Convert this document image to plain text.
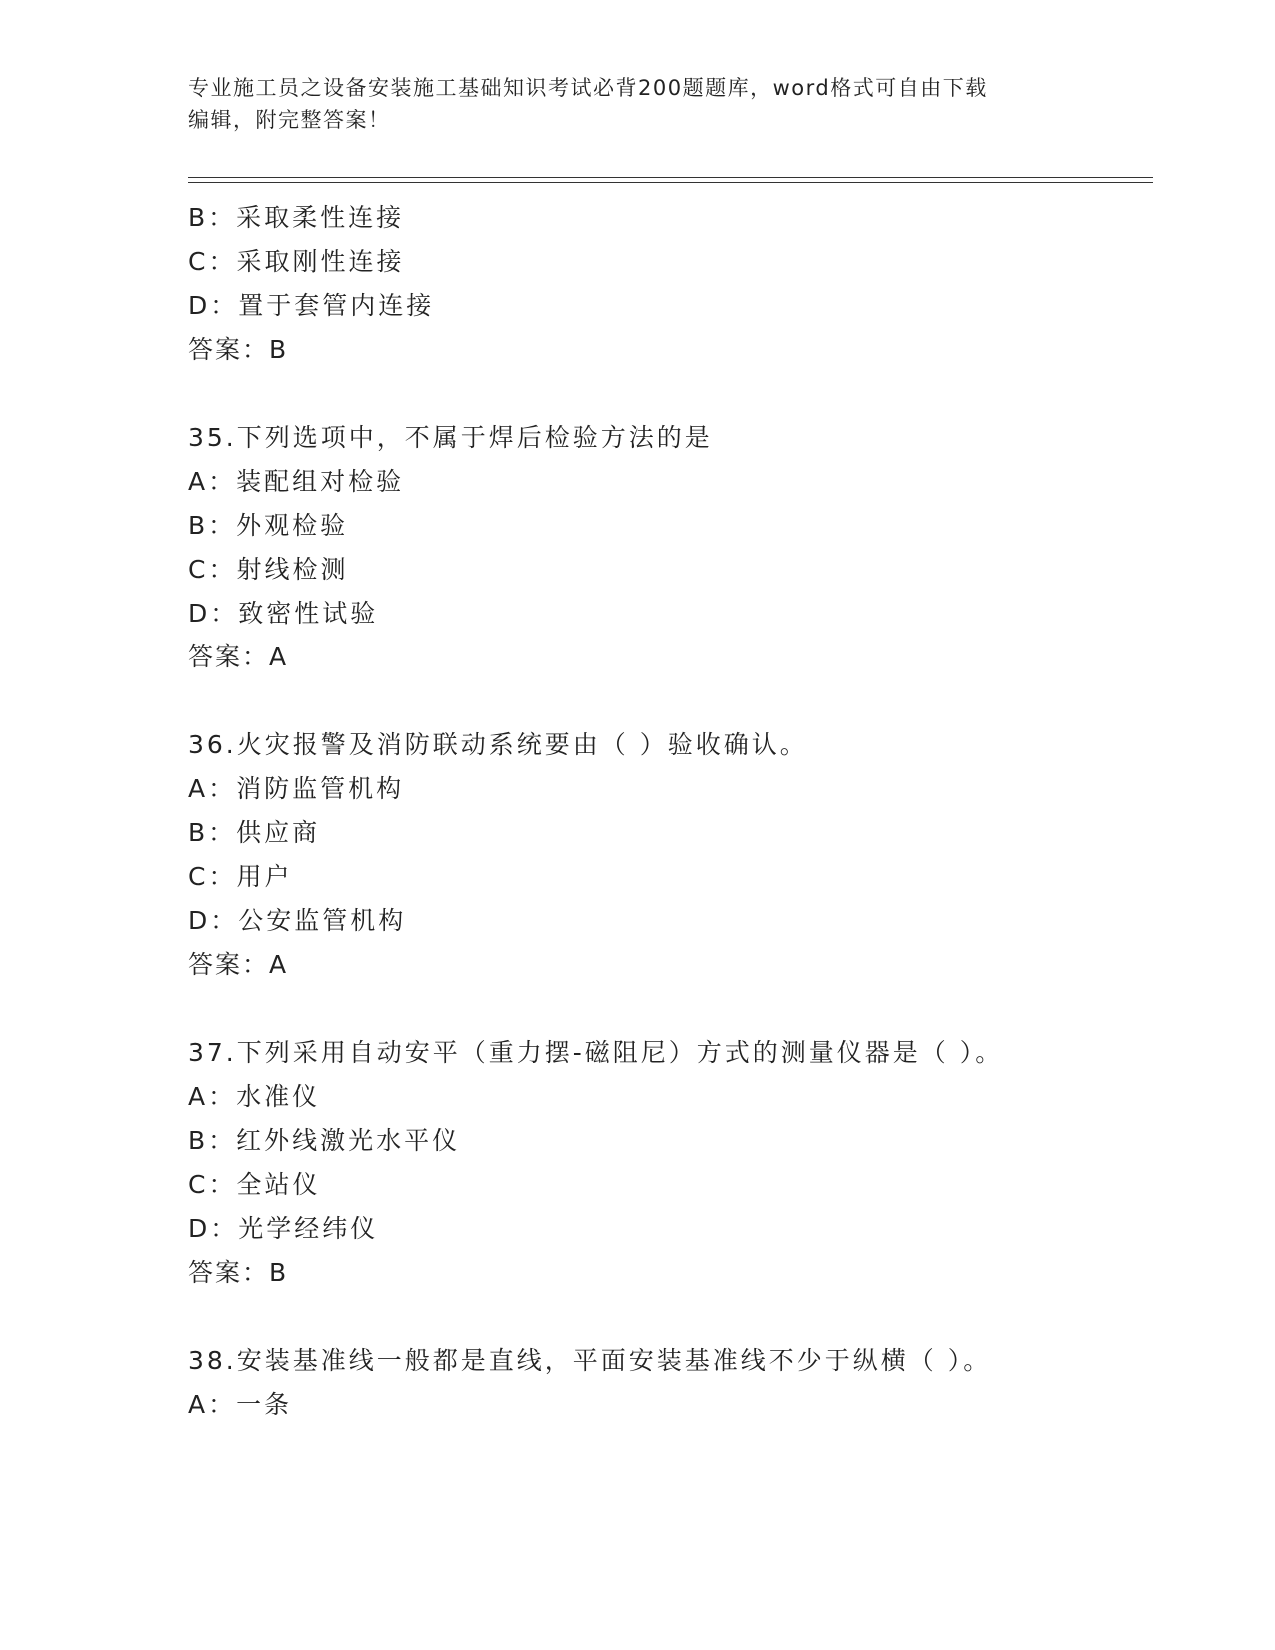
专业施工员之设备安装施工基础知识考试必背200题题库，word格式可自由下载
编辑，附完整答案！
B：采取柔性连接
C：采取刚性连接
D：置于套管内连接
答案：B
35.下列选项中，不属于焊后检验方法的是
A：装配组对检验
B：外观检验
C：射线检测
D：致密性试验
答案：A
36.火灾报警及消防联动系统要由（ ）验收确认。
A：消防监管机构
B：供应商
C：用户
D：公安监管机构
答案：A
37.下列采用自动安平（重力摆-磁阻尼）方式的测量仪器是（ ）。
A：水准仪
B：红外线激光水平仪
C：全站仪
D：光学经纬仪
答案：B
38.安装基准线一般都是直线，平面安装基准线不少于纵横（ ）。
A：一条
